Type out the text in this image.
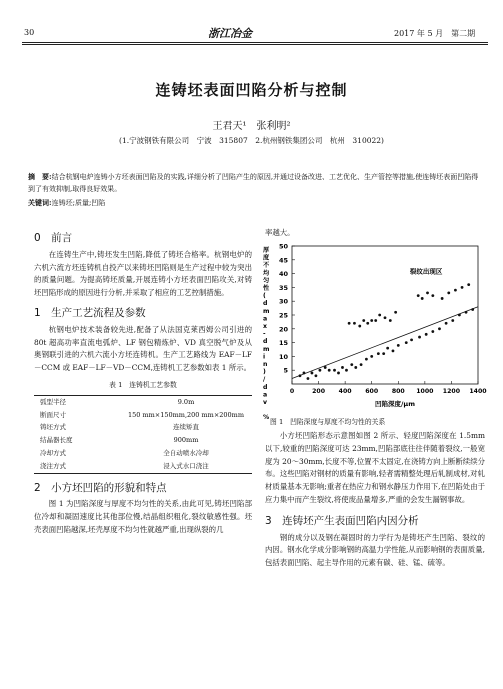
30	浙江冶金	2017 年 5 月　第二期
连铸坯表面凹陷分析与控制
王君天¹　张利明²
(1.宁波钢铁有限公司　宁波　315807　2.杭州钢铁集团公司　杭州　310022)
摘　要:结合杭钢电炉连铸小方坯表面凹陷及的实践,详细分析了凹陷产生的原因,并通过设备改进、工艺优化、生产管控等措施,使连铸坯表面凹陷得到了有效抑制,取得良好效果。
关键词:连铸坯;质量;凹陷
0　前言

在连铸生产中,铸坯发生凹陷,降低了铸坯合格率。杭钢电炉的六机六流方坯连铸机自投产以来铸坯凹陷则是生产过程中较为突出的质量问题。为提高铸坯质量,开展连铸小方坯表面凹陷攻关,对铸坯凹陷形成的原因进行分析,并采取了相应的工艺控制措施。

1　生产工艺流程及参数

杭钢电炉技术装备较先进,配备了从法国克莱西姆公司引进的 80t 超高功率直流电弧炉、LF 钢包精炼炉、VD 真空脱气炉及从奥钢联引进的六机六流小方坯连铸机。生产工艺路线为 EAF－LF－CCM 或 EAF－LF－VD－CCM,连铸机工艺参数如表 1 所示。

表 1　连铸机工艺参数
弧型半径	9.0m
断面尺寸	150 mm×150mm,200 mm×200mm
铸坯方式	连续矫直
结晶器长度	900mm
冷却方式	全自动喷水冷却
浇注方式	浸入式水口浇注
2　小方坯凹陷的形貌和特点

图 1 为凹陷深度与厚度不均匀性的关系,由此可见,铸坯凹陷部位冷却和凝固速度比其他部位慢,结晶组织粗化,裂纹敏感性强。坯壳表面凹陷越深,坯壳厚度不均匀性就越严重,出现纵裂的几

率越大。
5
10
15
20
25
30
35
40
45
50
0	200 400 600 800 1000 1200 1400
裂纹出现区
凹陷深度/μm
厚度不均匀性( d m a x -d m i n ) / d a v %
图 1　凹陷深度与厚度不均匀性的关系

小方坯凹陷形态示意图如图 2 所示、轻度凹陷深度在 1.5mm 以下,较重的凹陷深度可达 23mm,凹陷部底往往伴随着裂纹,一般宽度为 20～30mm,长度不等,位置不太固定,在浇铸方向上断断续续分布。这些凹陷对钢材的质量有影响,轻者需精整处理后轧制成材,对轧材质量基本无影响;重者在热应力和钢水静压力作用下,在凹陷处由于应力集中而产生裂纹,将使废品量增多,严重的会发生漏钢事故。

3　连铸坯产生表面凹陷内因分析

钢的成分以及钢在凝固时的力学行为是铸坯产生凹陷、裂纹的内因。钢水化学成分影响钢的高温力学性能,从而影响钢的表面质量,包括表面凹陷、起主导作用的元素有碳、硅、锰、硫等。
